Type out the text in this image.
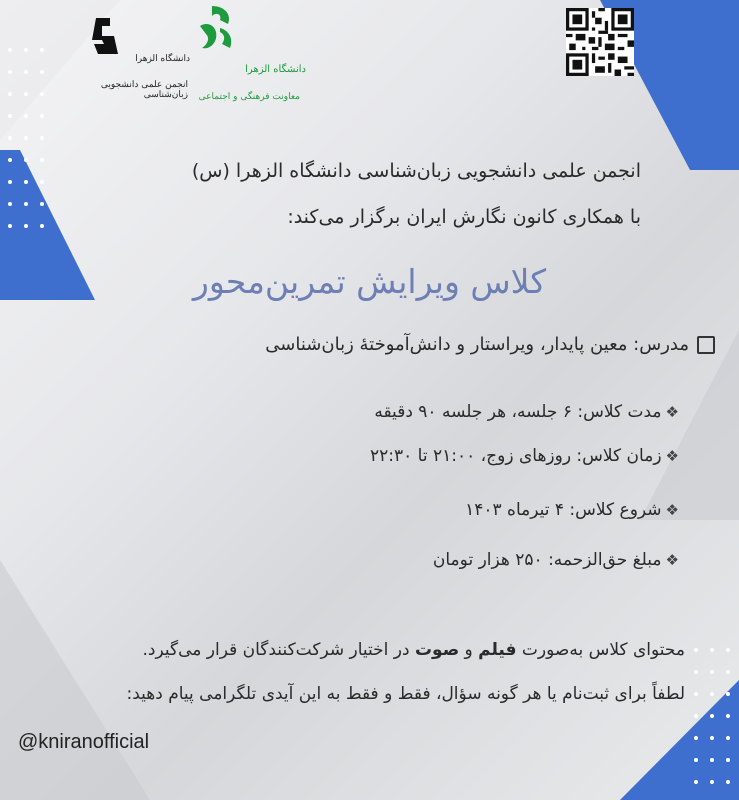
دانشگاه الزهرا
انجمن علمی دانشجویی زبان‌شناسی
دانشگاه الزهرا
معاونت فرهنگی و اجتماعی
انجمن علمی دانشجویی زبان‌شناسی دانشگاه الزهرا (س)
با همکاری کانون نگارش ایران برگزار می‌کند:
کلاس ویرایش تمرین‌محور
مدرس: معین پایدار، ویراستار و دانش‌آموختهٔ زبان‌شناسی
❖
مدت کلاس: ۶ جلسه، هر جلسه ۹۰ دقیقه
❖
زمان کلاس: روزهای زوج، ۲۱:۰۰ تا ۲۲:۳۰
❖
شروع کلاس: ۴ تیرماه ۱۴۰۳
❖
مبلغ حق‌الزحمه: ۲۵۰ هزار تومان
محتوای کلاس به‌صورت فیلم و صوت در اختیار شرکت‌کنندگان قرار می‌گیرد.
لطفاً برای ثبت‌نام یا هر گونه سؤال، فقط و فقط به این آیدی تلگرامی پیام دهید:
@kniranofficial
